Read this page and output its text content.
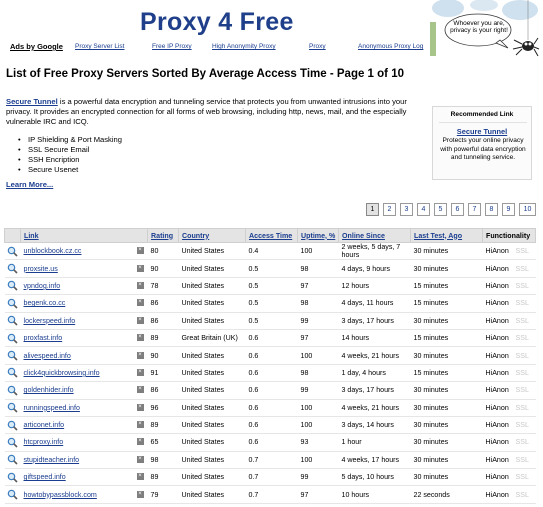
Proxy 4 Free	Whoever you are, privacy is your right!
Ads by Google Proxy Server List	Free IP Proxy	High Anonymity Proxy	Proxy	Anonymous Proxy Log
List of Free Proxy Servers Sorted By Average Access Time - Page 1 of 10

Secure Tunnel is a powerful data encryption and tunneling service that protects you from unwanted intrusions into your privacy. It provides an encrypted connection for all forms of web browsing, including http, news, mail, and the especially vulnerable IRC and ICQ.

• IP Shielding & Port Masking
• SSL Secure Email
• SSH Encription
• Secure Usenet
Learn More...
Recommended Link
Secure Tunnel
Protects your online privacy with powerful data encryption and tunneling service.
1	2	3	4	5	6	7	8	9	10
	Link	Rating	Country	Access Time	Uptime, %	Online Since	Last Test, Ago	Functionality
	unblockbook.cz.cc ×	80	United States	0.4	100	2 weeks, 5 days, 7 hours	30 minutes	HiAnon SSL
	proxsite.us ×	90	United States	0.5	98	4 days, 9 hours	30 minutes	HiAnon SSL
	vpndog.info ×	78	United States	0.5	97	12 hours	15 minutes	HiAnon SSL
	begenk.co.cc ×	86	United States	0.5	98	4 days, 11 hours	15 minutes	HiAnon SSL
	lockerspeed.info ×	86	United States	0.5	99	3 days, 17 hours	30 minutes	HiAnon SSL
	proxfast.info ×	89	Great Britain (UK)	0.6	97	14 hours	15 minutes	HiAnon SSL
	alivespeed.info ×	90	United States	0.6	100	4 weeks, 21 hours	30 minutes	HiAnon SSL
	click4quickbrowsing.info ×	91	United States	0.6	98	1 day, 4 hours	15 minutes	HiAnon SSL
	goldenhider.info ×	86	United States	0.6	99	3 days, 17 hours	30 minutes	HiAnon SSL
	runningspeed.info ×	96	United States	0.6	100	4 weeks, 21 hours	30 minutes	HiAnon SSL
	articonet.info ×	89	United States	0.6	100	3 days, 14 hours	30 minutes	HiAnon SSL
	htcproxy.info ×	65	United States	0.6	93	1 hour	30 minutes	HiAnon SSL
	stupidteacher.info ×	98	United States	0.7	100	4 weeks, 17 hours	30 minutes	HiAnon SSL
	giftspeed.info ×	89	United States	0.7	99	5 days, 10 hours	30 minutes	HiAnon SSL
	howtobypassblock.com ×	79	United States	0.7	97	10 hours	22 seconds	HiAnon SSL
